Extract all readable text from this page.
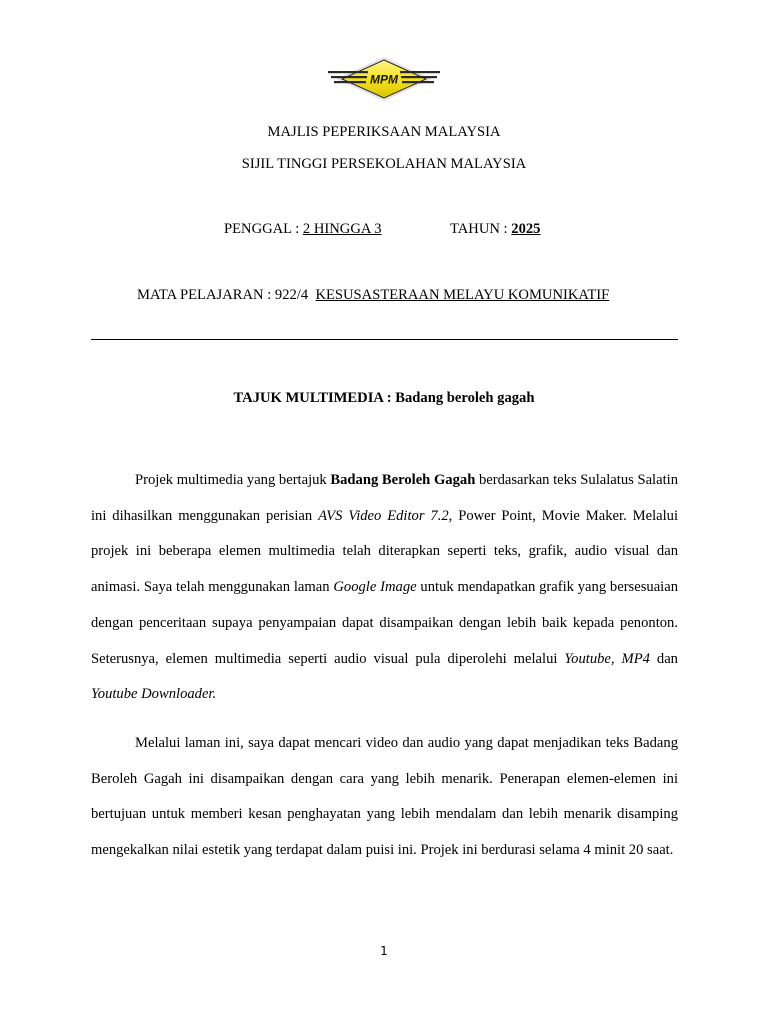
MPM
MAJLIS PEPERIKSAAN MALAYSIA
SIJIL TINGGI PERSEKOLAHAN MALAYSIA
PENGGAL : 2 HINGGA 3	TAHUN : 2025
MATA PELAJARAN : 922/4  KESUSASTERAAN MELAYU KOMUNIKATIF
TAJUK MULTIMEDIA : Badang beroleh gagah

Projek multimedia yang bertajuk Badang Beroleh Gagah berdasarkan teks Sulalatus Salatin ini dihasilkan menggunakan perisian AVS Video Editor 7.2, Power Point, Movie Maker. Melalui projek ini beberapa elemen multimedia telah diterapkan seperti teks, grafik, audio visual dan animasi. Saya telah menggunakan laman Google Image untuk mendapatkan grafik yang bersesuaian dengan penceritaan supaya penyampaian dapat disampaikan dengan lebih baik kepada penonton. Seterusnya, elemen multimedia seperti audio visual pula diperolehi melalui Youtube, MP4 dan Youtube Downloader.

Melalui laman ini, saya dapat mencari video dan audio yang dapat menjadikan teks Badang Beroleh Gagah ini disampaikan dengan cara yang lebih menarik. Penerapan elemen-elemen ini bertujuan untuk memberi kesan penghayatan yang lebih mendalam dan lebih menarik disamping mengekalkan nilai estetik yang terdapat dalam puisi ini. Projek ini berdurasi selama 4 minit 20 saat.

1
